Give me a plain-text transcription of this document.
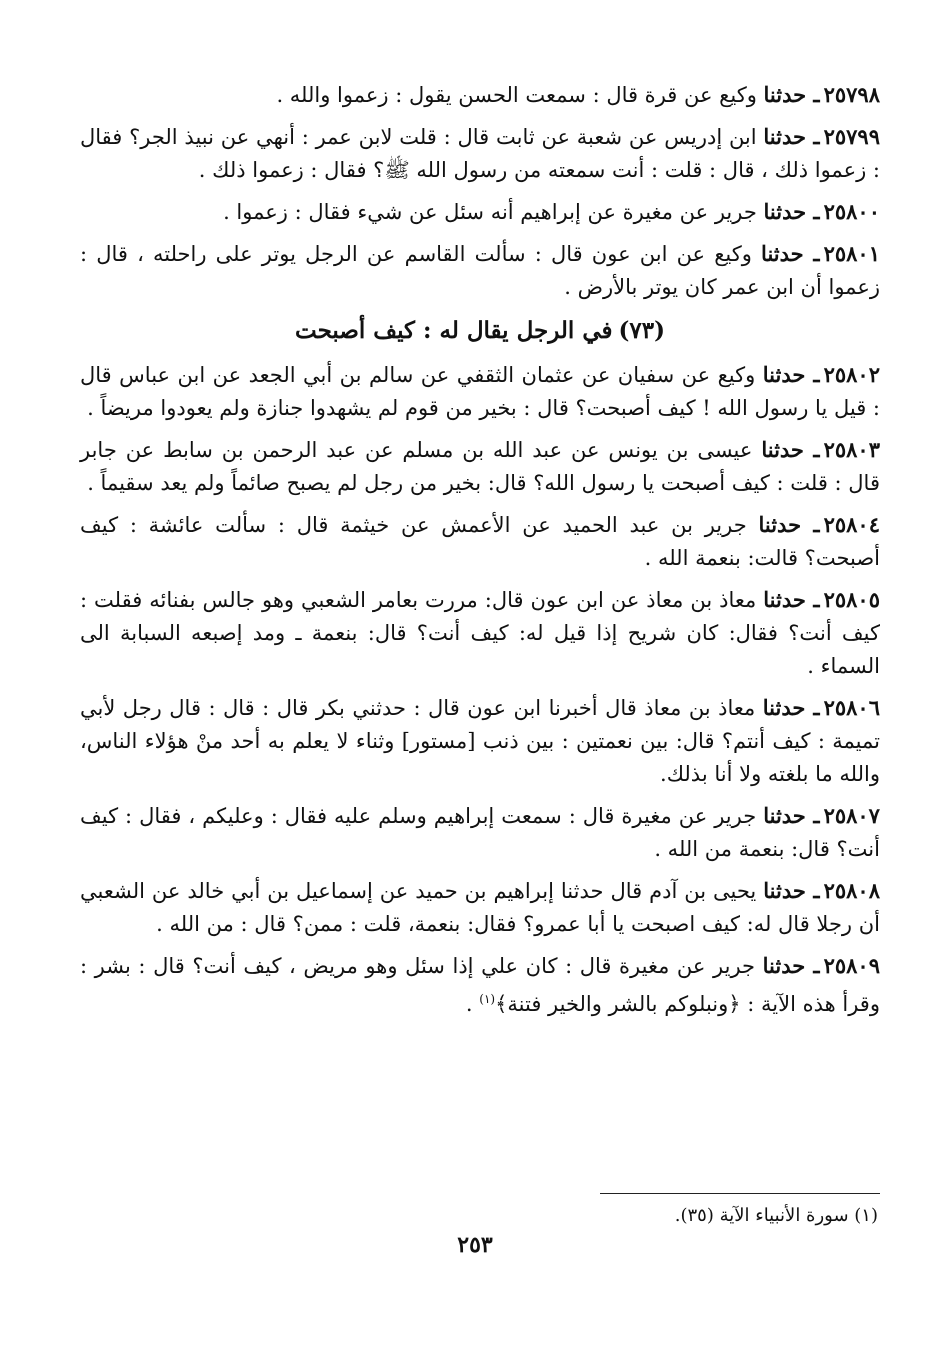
٢٥٧٩٨ـ حدثنا وكيع عن قرة قال : سمعت الحسن يقول : زعموا والله .

٢٥٧٩٩ـ حدثنا ابن إدريس عن شعبة عن ثابت قال : قلت لابن عمر : أنهي عن نبيذ الجر؟ فقال : زعموا ذلك ، قال : قلت : أنت سمعته من رسول الله ﷺ؟ فقال : زعموا ذلك .

٢٥٨٠٠ـ حدثنا جرير عن مغيرة عن إبراهيم أنه سئل عن شيء فقال : زعموا .

٢٥٨٠١ـ حدثنا وكيع عن ابن عون قال : سألت القاسم عن الرجل يوتر على راحلته ، قال : زعموا أن ابن عمر كان يوتر بالأرض .

(٧٣)في الرجل يقال له : كيف أصبحت

٢٥٨٠٢ـ حدثنا وكيع عن سفيان عن عثمان الثقفي عن سالم بن أبي الجعد عن ابن عباس قال : قيل يا رسول الله ! كيف أصبحت؟ قال : بخير من قوم لم يشهدوا جنازة ولم يعودوا مريضاً .

٢٥٨٠٣ـ حدثنا عيسى بن يونس عن عبد الله بن مسلم عن عبد الرحمن بن سابط عن جابر قال : قلت : كيف أصبحت يا رسول الله؟ قال: بخير من رجل لم يصبح صائماً ولم يعد سقيماً .

٢٥٨٠٤ـ حدثنا جرير بن عبد الحميد عن الأعمش عن خيثمة قال : سألت عائشة : كيف أصبحت؟ قالت: بنعمة الله .

٢٥٨٠٥ـ حدثنا معاذ بن معاذ عن ابن عون قال: مررت بعامر الشعبي وهو جالس بفنائه فقلت : كيف أنت؟ فقال: كان شريح إذا قيل له: كيف أنت؟ قال: بنعمة ـ ومد إصبعه السبابة الى السماء .

٢٥٨٠٦ـ حدثنا معاذ بن معاذ قال أخبرنا ابن عون قال : حدثني بكر قال : قال : قال رجل لأبي تميمة : كيف أنتم؟ قال: بين نعمتين : بين ذنب [مستور] وثناء لا يعلم به أحد منْ هؤلاء الناس، والله ما بلغته ولا أنا بذلك.

٢٥٨٠٧ـ حدثنا جرير عن مغيرة قال : سمعت إبراهيم وسلم عليه فقال : وعليكم ، فقال : كيف أنت؟ قال: بنعمة من الله .

٢٥٨٠٨ـ حدثنا يحيى بن آدم قال حدثنا إبراهيم بن حميد عن إسماعيل بن أبي خالد عن الشعبي أن رجلا قال له: كيف اصبحت يا أبا عمرو؟ فقال: بنعمة، قلت : ممن؟ قال : من الله .

٢٥٨٠٩ـ حدثنا جرير عن مغيرة قال : كان علي إذا سئل وهو مريض ، كيف أنت؟ قال : بشر : وقرأ هذه الآية : ﴿ونبلوكم بالشر والخير فتنة﴾$^{(١)}$ .

(١) سورة الأنبياء الآية (٣٥).
٢٥٣
